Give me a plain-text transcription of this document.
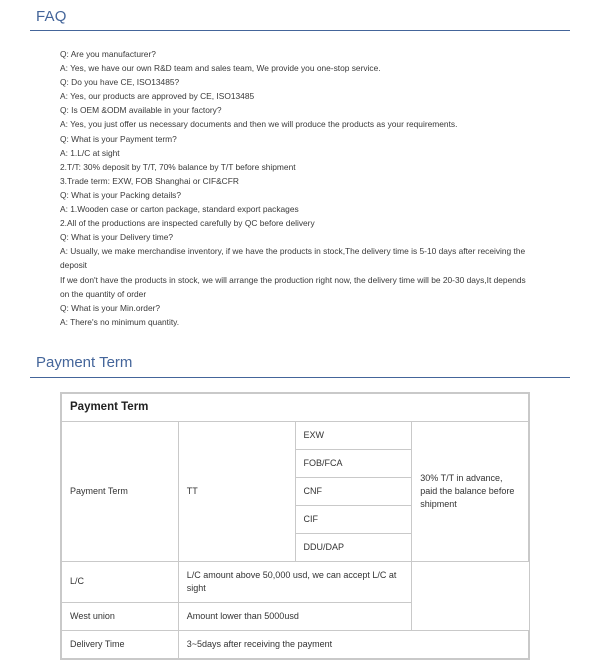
FAQ
Q: Are you manufacturer?
A: Yes, we have our own R&D team and sales team, We provide you one-stop service.
Q: Do you have CE, ISO13485?
A: Yes, our products are approved by CE, ISO13485
Q: Is OEM &ODM available in your factory?
A: Yes, you just offer us necessary documents and then we will produce the products as your requirements.
Q: What is your Payment term?
A: 1.L/C at sight
2.T/T: 30% deposit by T/T, 70% balance by T/T before shipment
3.Trade term: EXW, FOB Shanghai or CIF&CFR
Q: What is your Packing details?
A: 1.Wooden case or carton package, standard export packages
2.All of the productions are inspected carefully by QC before delivery
Q: What is your Delivery time?
A: Usually, we make merchandise inventory, if we have the products in stock,The delivery time is 5-10 days after receiving the
deposit
If we don't have the products in stock, we will arrange the production right now, the delivery time will be 20-30 days,It depends
on the quantity of order
Q: What is your Min.order?
A: There's no minimum quantity.
Payment Term
Payment Term			
Payment Term	TT	EXW	30% T/T in advance, paid the balance before shipment
		FOB/FCA	
		CNF	
		CIF	
		DDU/DAP	
L/C	L/C amount above 50,000 usd, we can accept L/C at sight		
West union	Amount lower than 5000usd		
Delivery Time	3~5days after receiving the payment		
